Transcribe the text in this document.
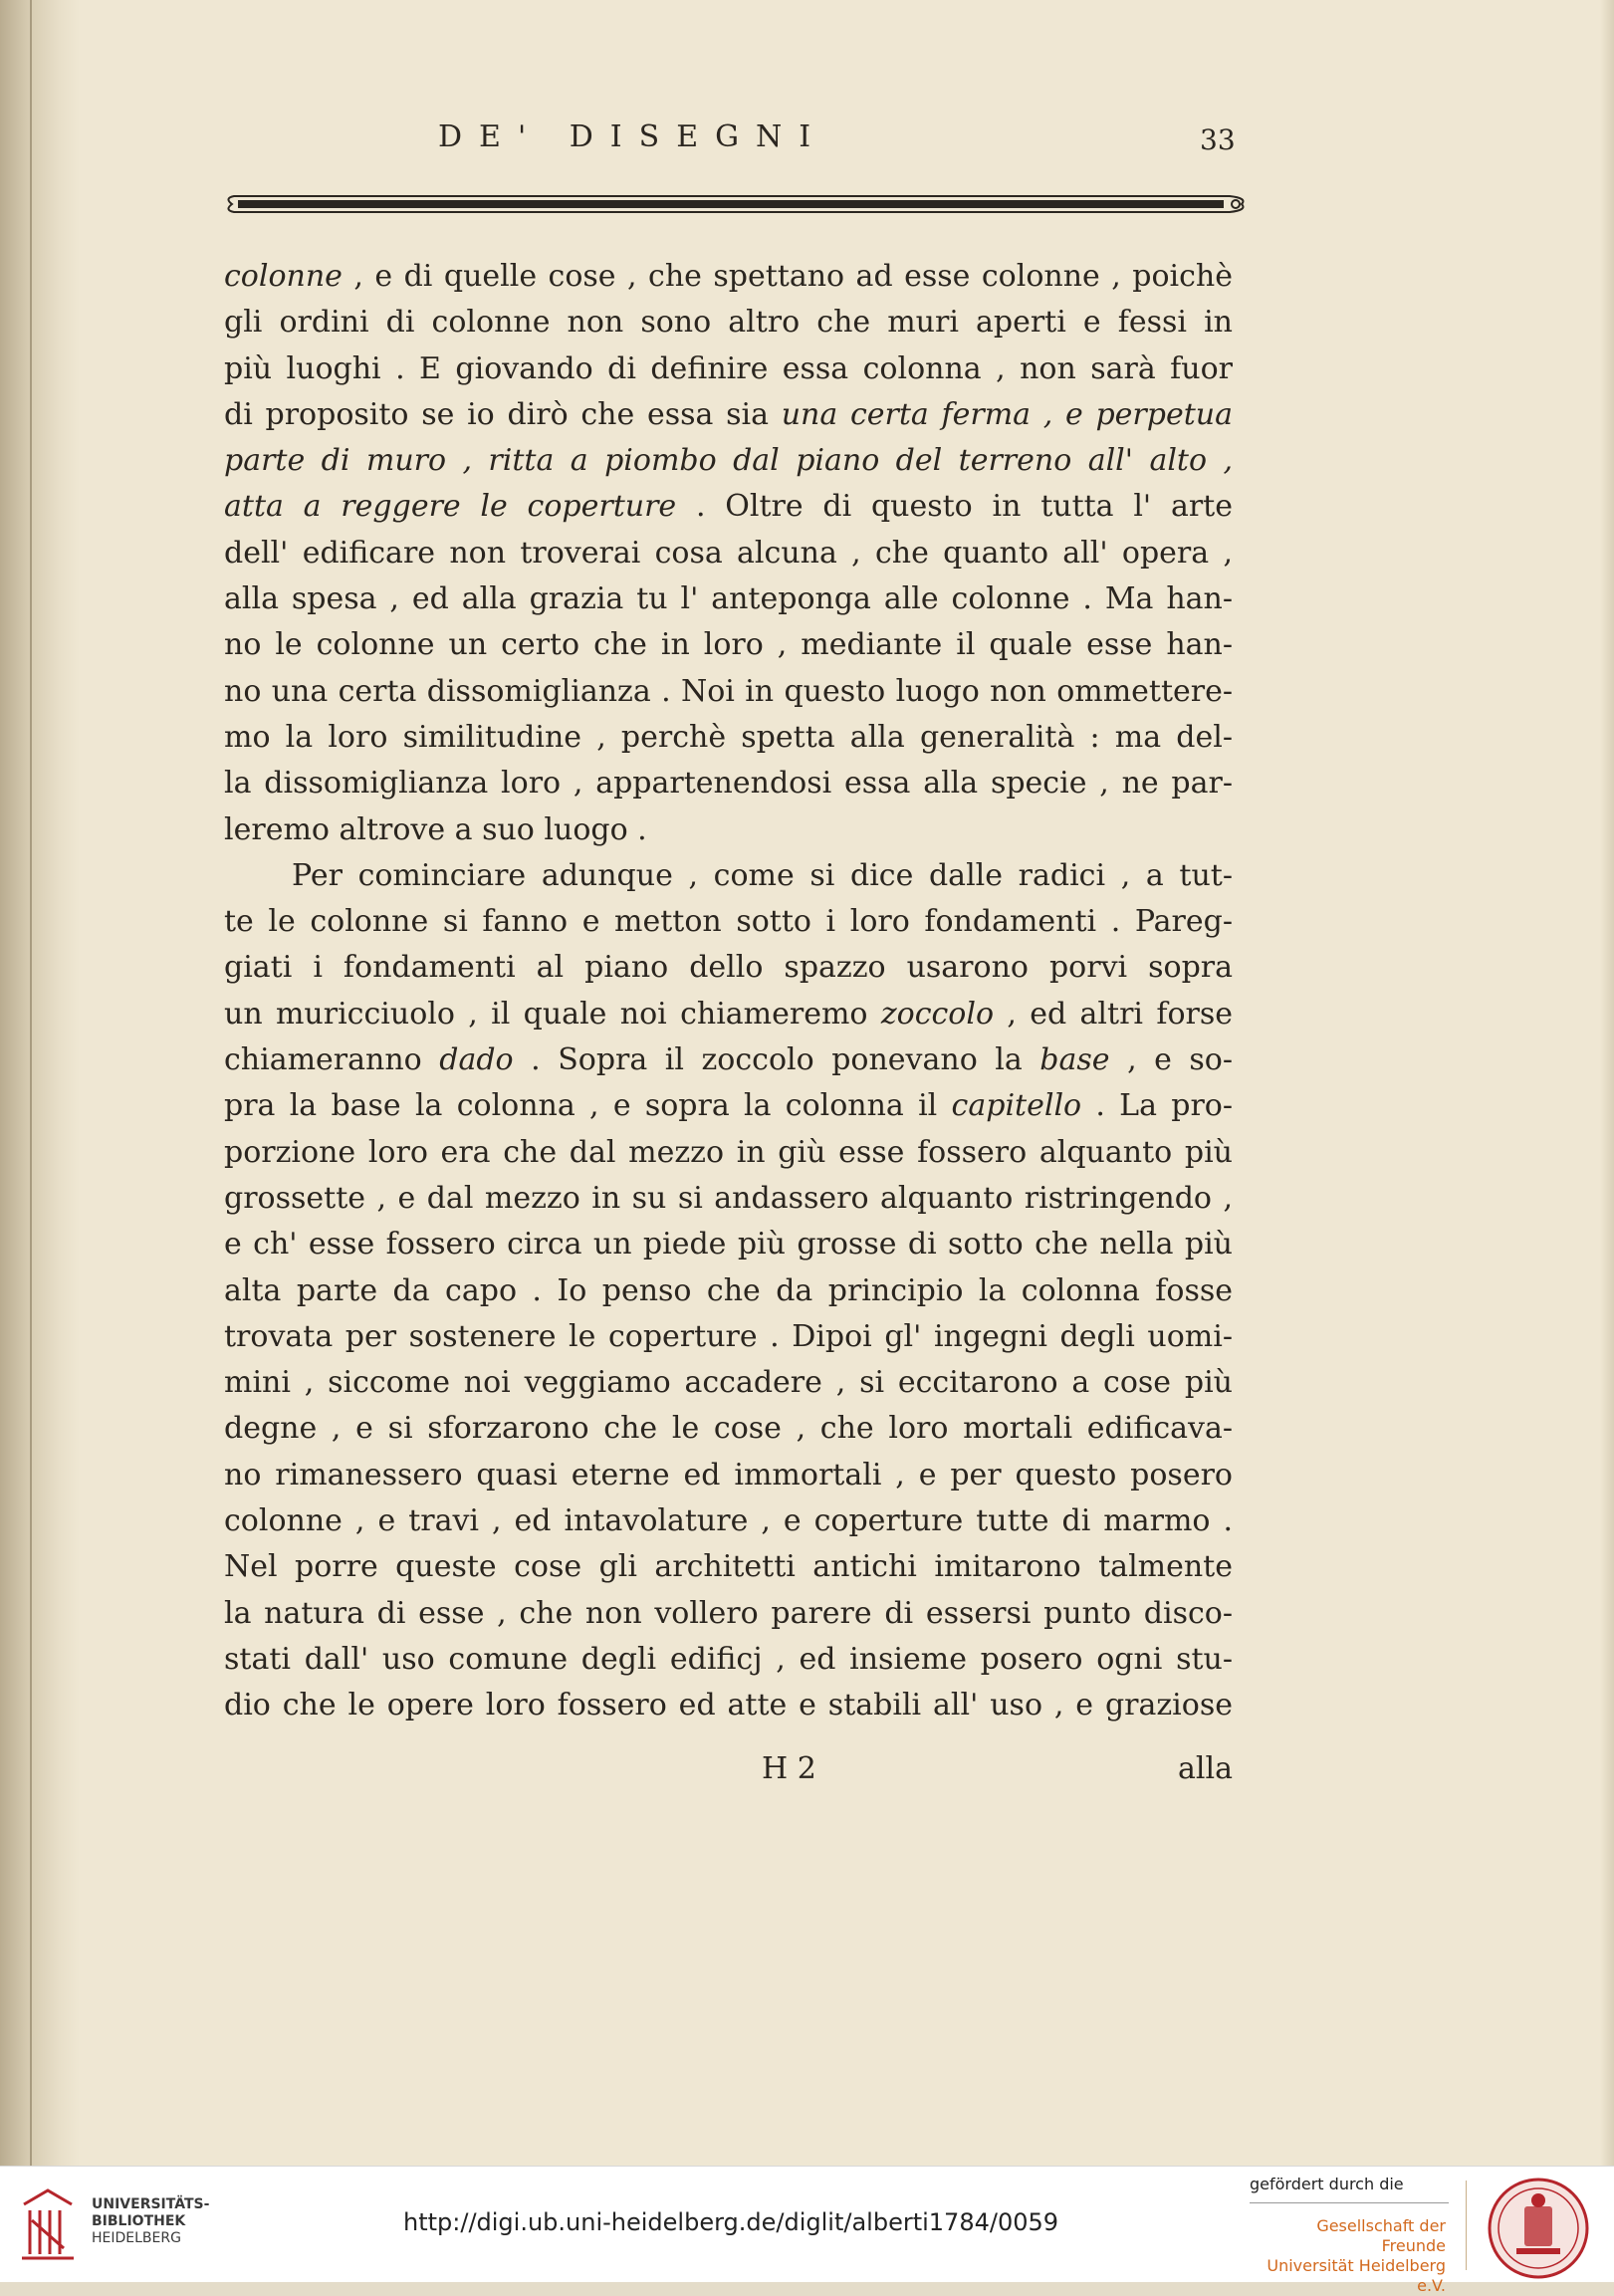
DE' DISEGNI	33
colonne , e di quelle cose , che spettano ad esse colonne , poichè
gli ordini di colonne non sono altro che muri aperti e fessi in
più luoghi . E giovando di definire essa colonna , non sarà fuor
di proposito se io dirò che essa sia una certa ferma , e perpetua
parte di muro , ritta a piombo dal piano del terreno all' alto ,
atta a reggere le coperture . Oltre di questo in tutta l' arte
dell' edificare non troverai cosa alcuna , che quanto all' opera ,
alla spesa , ed alla grazia tu l' anteponga alle colonne . Ma han-
no le colonne un certo che in loro , mediante il quale esse han-
no una certa dissomiglianza . Noi in questo luogo non ommettere-
mo la loro similitudine , perchè spetta alla generalità : ma del-
la dissomiglianza loro , appartenendosi essa alla specie , ne par-
leremo altrove a suo luogo .
Per cominciare adunque , come si dice dalle radici , a tut-
te le colonne si fanno e metton sotto i loro fondamenti . Pareg-
giati i fondamenti al piano dello spazzo usarono porvi sopra
un muricciuolo , il quale noi chiameremo zoccolo , ed altri forse
chiameranno dado . Sopra il zoccolo ponevano la base , e so-
pra la base la colonna , e sopra la colonna il capitello . La pro-
porzione loro era che dal mezzo in giù esse fossero alquanto più
grossette , e dal mezzo in su si andassero alquanto ristringendo ,
e ch' esse fossero circa un piede più grosse di sotto che nella più
alta parte da capo . Io penso che da principio la colonna fosse
trovata per sostenere le coperture . Dipoi gl' ingegni degli uomi-
mini , siccome noi veggiamo accadere , si eccitarono a cose più
degne , e si sforzarono che le cose , che loro mortali edificava-
no rimanessero quasi eterne ed immortali , e per questo posero
colonne , e travi , ed intavolature , e coperture tutte di marmo .
Nel porre queste cose gli architetti antichi imitarono talmente
la natura di esse , che non vollero parere di essersi punto disco-
stati dall' uso comune degli edificj , ed insieme posero ogni stu-
dio che le opere loro fossero ed atte e stabili all' uso , e graziose
H 2	alla
UNIVERSITÄTS-
BIBLIOTHEK
HEIDELBERG
http://digi.ub.uni-heidelberg.de/diglit/alberti1784/0059
gefördert durch die
Gesellschaft der Freunde
Universität Heidelberg e.V.
